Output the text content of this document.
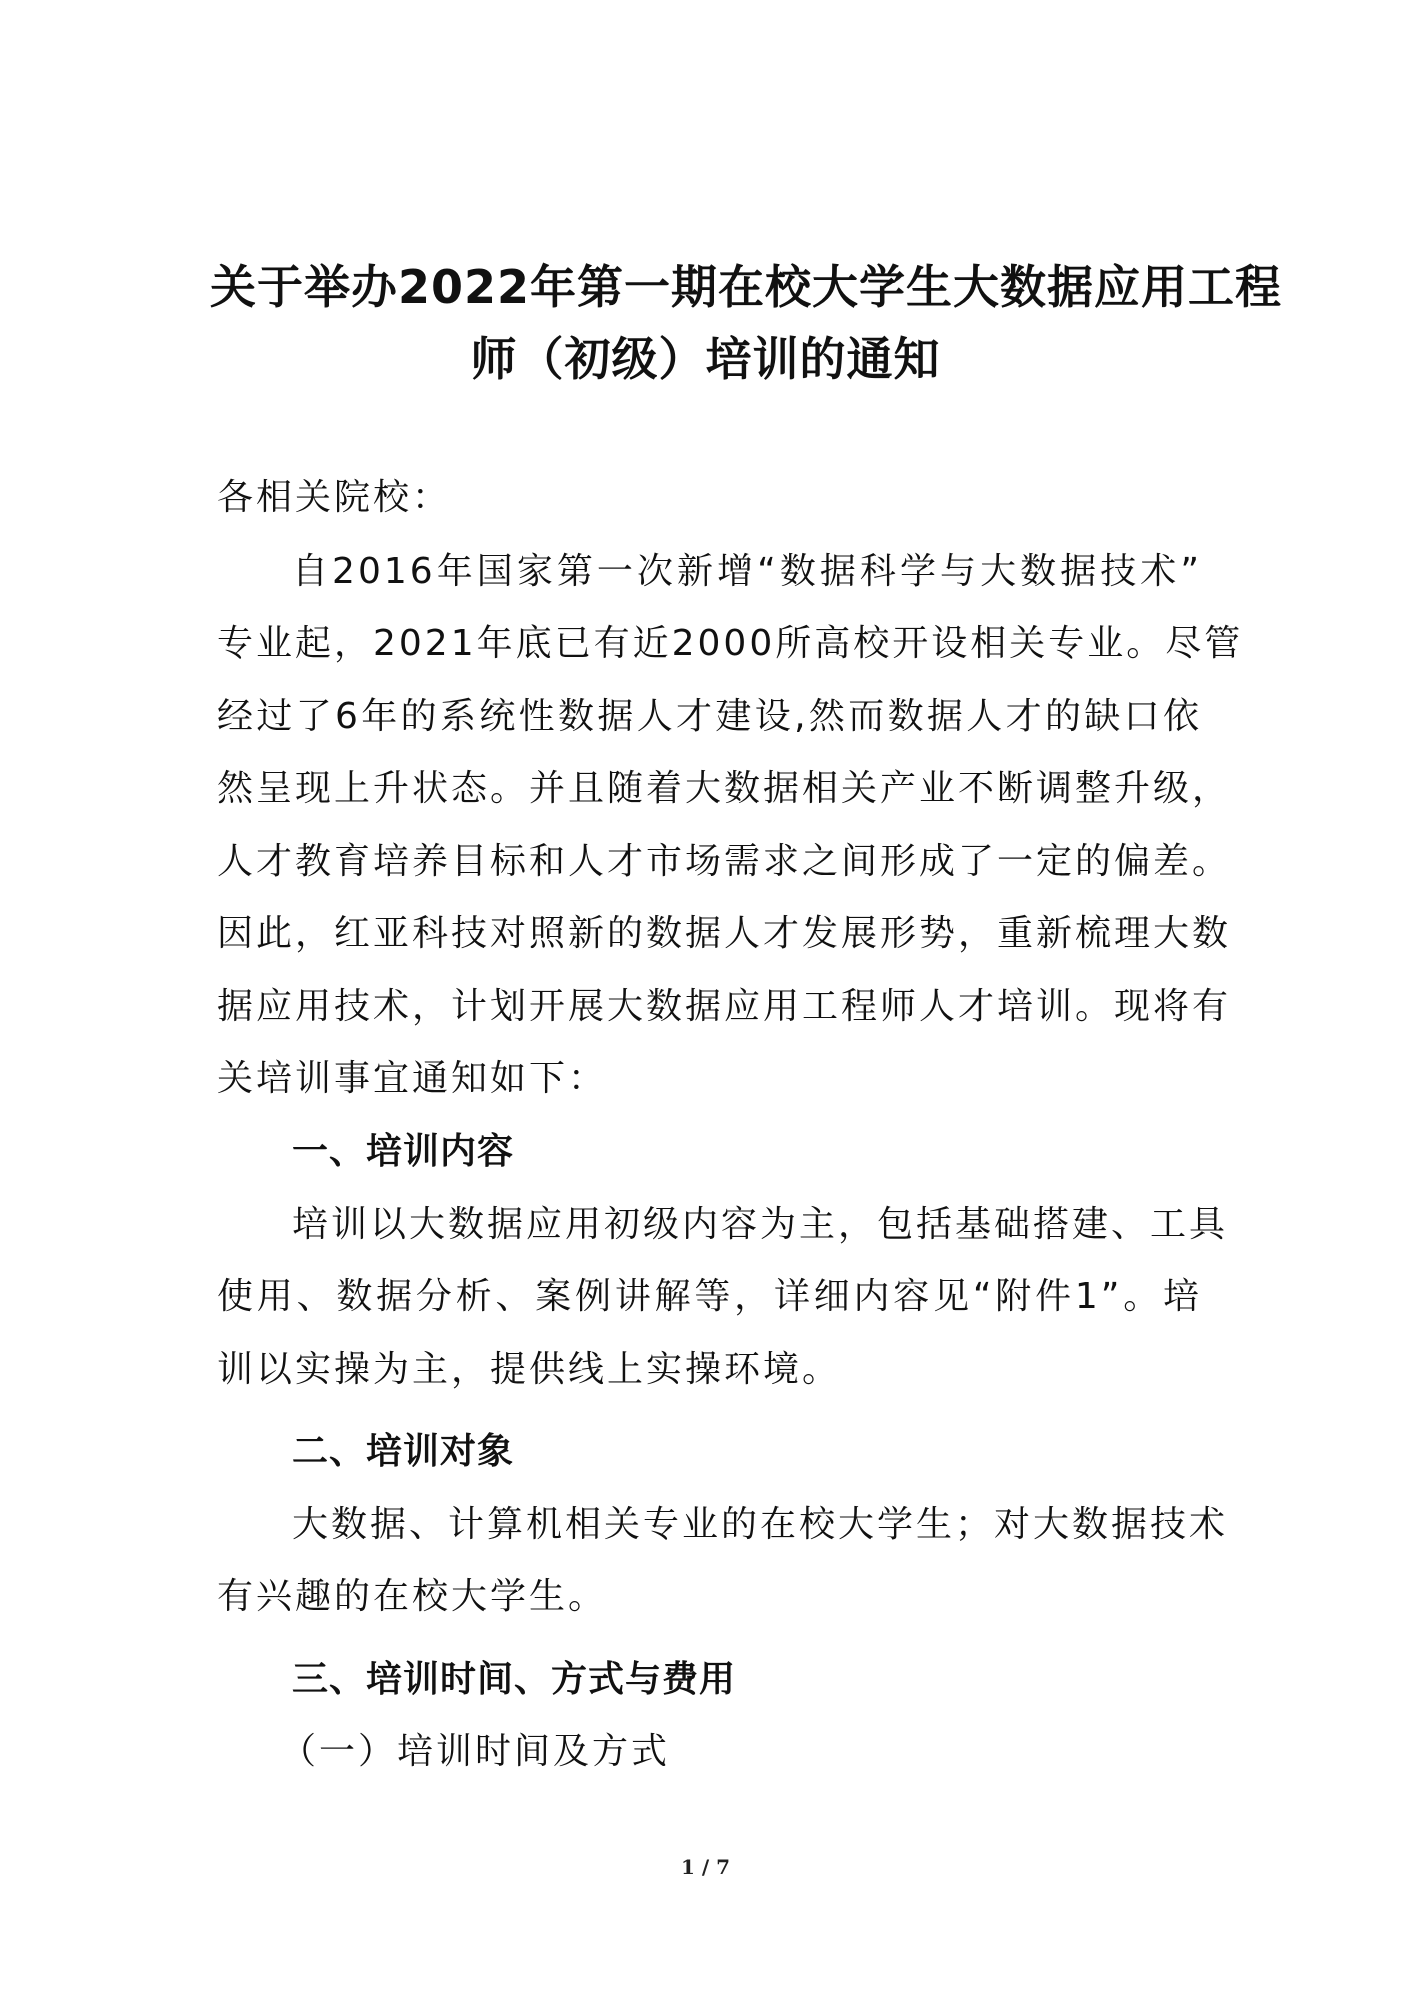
关于举办2022年第一期在校大学生大数据应用工程
师（初级）培训的通知
各相关院校：
自2016年国家第一次新增“数据科学与大数据技术”
专业起，2021年底已有近2000所高校开设相关专业。尽管
经过了6年的系统性数据人才建设,然而数据人才的缺口依
然呈现上升状态。并且随着大数据相关产业不断调整升级，
人才教育培养目标和人才市场需求之间形成了一定的偏差。
因此，红亚科技对照新的数据人才发展形势，重新梳理大数
据应用技术，计划开展大数据应用工程师人才培训。现将有
关培训事宜通知如下：
一、培训内容
培训以大数据应用初级内容为主，包括基础搭建、工具
使用、数据分析、案例讲解等，详细内容见“附件1”。培
训以实操为主，提供线上实操环境。
二、培训对象
大数据、计算机相关专业的在校大学生；对大数据技术
有兴趣的在校大学生。
三、培训时间、方式与费用
（一）培训时间及方式
1 / 7
